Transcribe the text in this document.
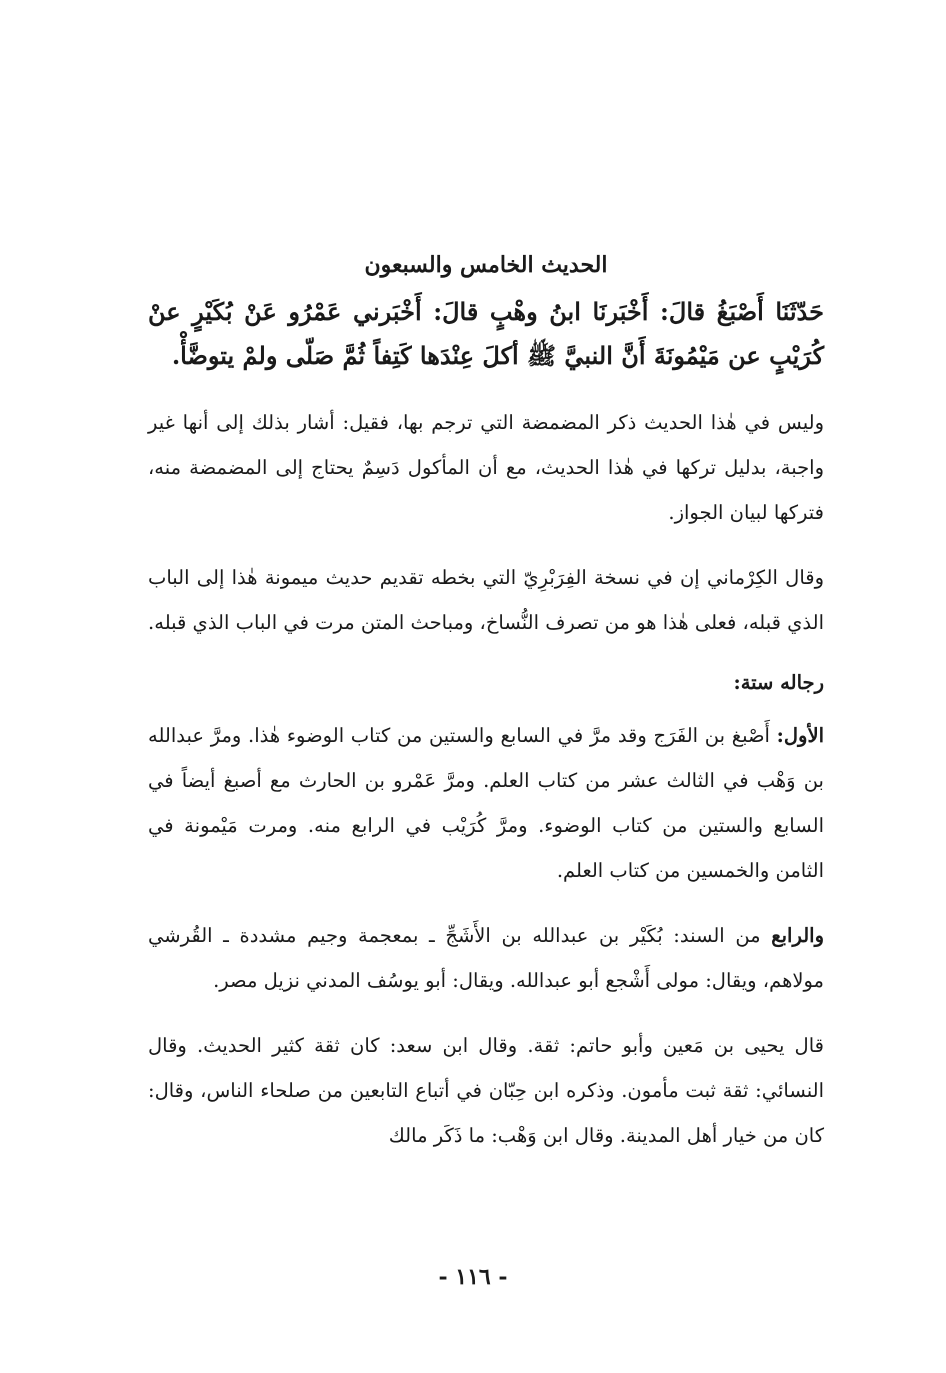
الحديث الخامس والسبعون
حَدّثَنَا أَصْبَغُ قالَ: أَخْبَرنَا ابنُ وهْبٍ قالَ: أَخْبَرني عَمْرُو عَنْ بُكَيْرٍ عنْ كُرَيْبٍ عن مَيْمُونَةَ أَنَّ النبيَّ ﷺ أكلَ عِنْدَها كَتِفاً ثُمَّ صَلّى ولمْ يتوضَّأْ.
وليس في هٰذا الحديث ذكر المضمضة التي ترجم بها، فقيل: أشار بذلك إلى أنها غير واجبة، بدليل تركها في هٰذا الحديث، مع أن المأكول دَسِمٌ يحتاج إلى المضمضة منه، فتركها لبيان الجواز.
وقال الكِرْماني إن في نسخة الفِرَبْرِيّ التي بخطه تقديم حديث ميمونة هٰذا إلى الباب الذي قبله، فعلى هٰذا هو من تصرف النُّساخ، ومباحث المتن مرت في الباب الذي قبله.
رجاله ستة:
الأول: أَصْبغ بن الفَرَج وقد مرَّ في السابع والستين من كتاب الوضوء هٰذا. ومرَّ عبدالله بن وَهْب في الثالث عشر من كتاب العلم. ومرَّ عَمْرو بن الحارث مع أصبغ أيضاً في السابع والستين من كتاب الوضوء. ومرَّ كُرَيْب في الرابع منه. ومرت مَيْمونة في الثامن والخمسين من كتاب العلم.
والرابع من السند: بُكَيْر بن عبدالله بن الأَشَجِّ ـ بمعجمة وجيم مشددة ـ القُرشي مولاهم، ويقال: مولى أَشْجع أبو عبدالله. ويقال: أبو يوسُف المدني نزيل مصر.
قال يحيى بن مَعين وأبو حاتم: ثقة. وقال ابن سعد: كان ثقة كثير الحديث. وقال النسائي: ثقة ثبت مأمون. وذكره ابن حِبّان في أتباع التابعين من صلحاء الناس، وقال: كان من خيار أهل المدينة. وقال ابن وَهْب: ما ذَكَر مالك
- ١١٦ -
